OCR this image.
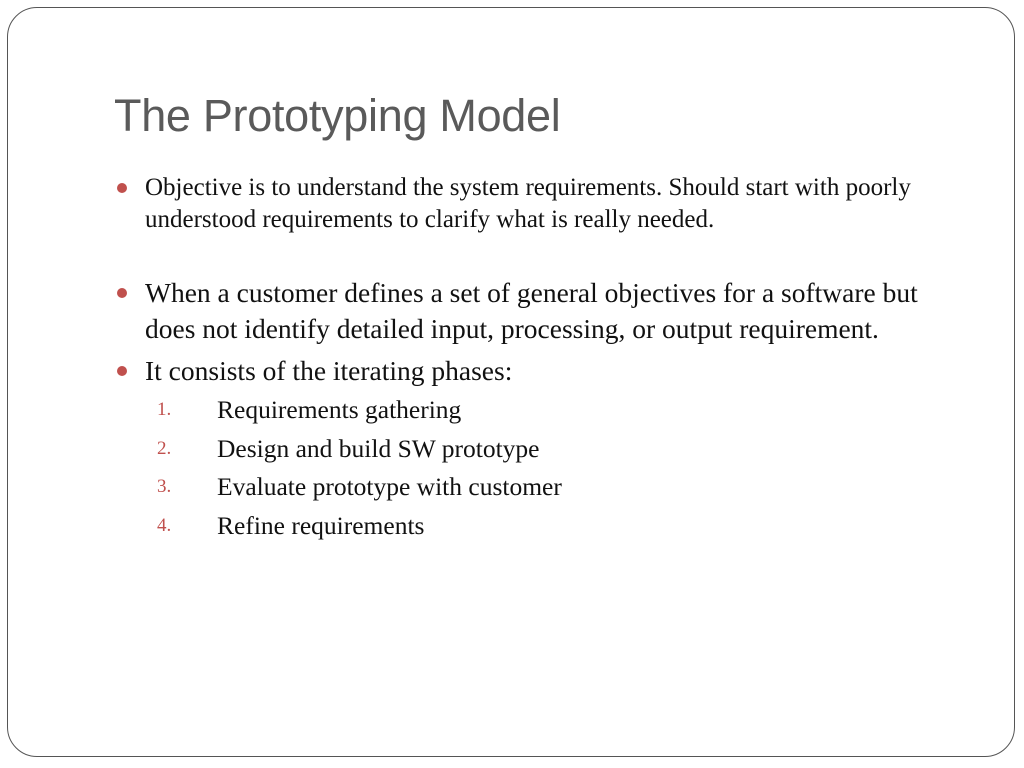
The Prototyping Model
Objective is to understand the system requirements. Should start with poorly understood requirements to clarify what is really needed.
When a customer defines a set of general objectives for a software but does not identify detailed input, processing, or output requirement.
It consists of the iterating phases:
1. Requirements gathering
2. Design and build SW prototype
3. Evaluate prototype with customer
4. Refine requirements
